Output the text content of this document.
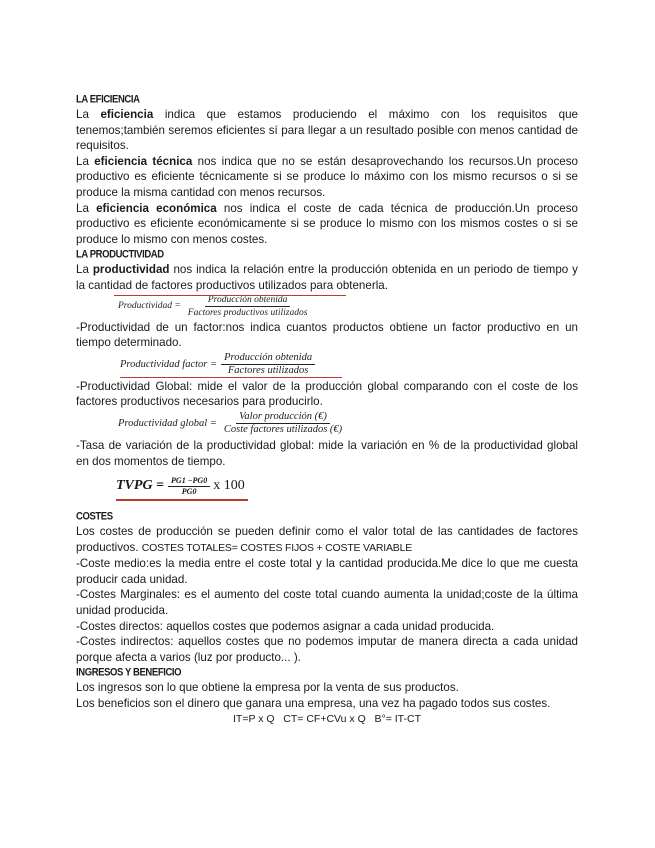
LA EFICIENCIA

La eficiencia indica que estamos produciendo el máximo con los requisitos que tenemos;también seremos eficientes sí para llegar a un resultado posible con menos cantidad de requisitos.

La eficiencia técnica nos indica que no se están desaprovechando los recursos.Un proceso productivo es eficiente técnicamente si se produce lo máximo con los mismo recursos o si se produce la misma cantidad con menos recursos.

La eficiencia económica nos indica el coste de cada técnica de producción.Un proceso productivo es eficiente económicamente si se produce lo mismo con los mismos costes o si se produce lo mismo con menos costes.

LA PRODUCTIVIDAD

La productividad nos indica la relación entre la producción obtenida en un periodo de tiempo y la cantidad de factores productivos utilizados para obtenerla.

Productividad = $\frac{\text{Producción obtenida}}{\text{Factores productivos utilizados}}$

-Productividad de un factor:nos indica cuantos productos obtiene un factor productivo en un tiempo determinado.

Productividad factor = $\frac{\text{Producción obtenida}}{\text{Factores utilizados}}$

-Productividad Global: mide el valor de la producción global comparando con el coste de los factores productivos necesarios para producirlo.

Productividad global = $\frac{\text{Valor producción (€)}}{\text{Coste factores utilizados (€)}}$

-Tasa de variación de la productividad global: mide la variación en % de la productividad global en dos momentos de tiempo.

TVPG = $\frac{PG1 -PG0}{PG0}$ x 100
COSTES

Los costes de producción se pueden definir como el valor total de las cantidades de factores productivos. COSTES TOTALES= COSTES FIJOS + COSTE VARIABLE

-Coste medio:es la media entre el coste total y la cantidad producida.Me dice lo que me cuesta producir cada unidad.

-Costes Marginales: es el aumento del coste total cuando aumenta la unidad;coste de la última unidad producida.

-Costes directos: aquellos costes que podemos asignar a cada unidad producida.

-Costes indirectos: aquellos costes que no podemos imputar de manera directa a cada unidad porque afecta a varios (luz por producto... ).

INGRESOS Y BENEFICIO

Los ingresos son lo que obtiene la empresa por la venta de sus productos.

Los beneficios son el dinero que ganara una empresa, una vez ha pagado todos sus costes.

IT=P x Q   CT= CF+CVu x Q   B°= IT-CT
